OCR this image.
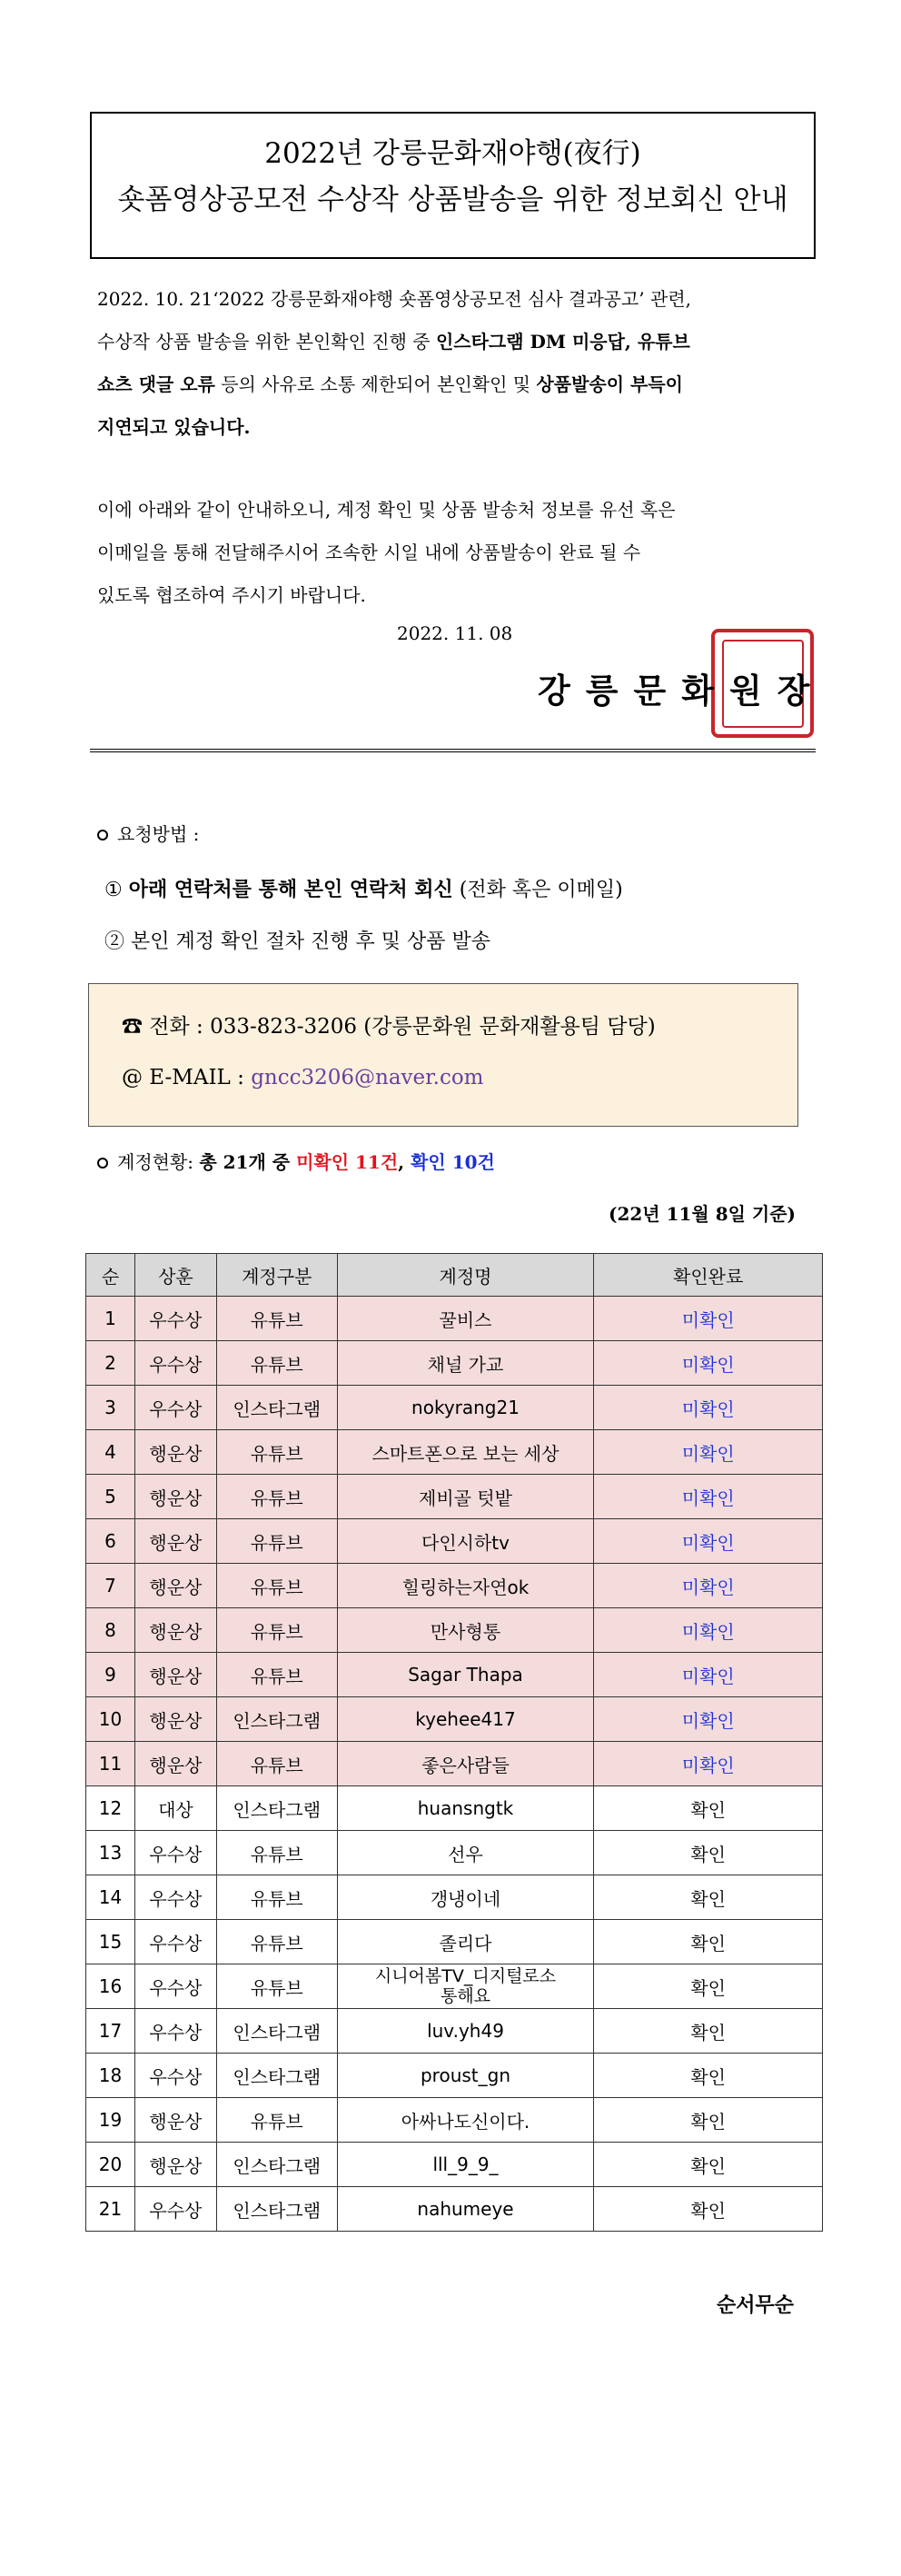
2022년 강릉문화재야행(夜行)
숏폼영상공모전 수상작 상품발송을 위한 정보회신 안내
2022. 10. 21‘2022 강릉문화재야행 숏폼영상공모전 심사 결과공고’ 관련,
수상작 상품 발송을 위한 본인확인 진행 중 인스타그램 DM 미응답, 유튜브
쇼츠 댓글 오류 등의 사유로 소통 제한되어 본인확인 및 상품발송이 부득이
지연되고 있습니다.
이에 아래와 같이 안내하오니, 계정 확인 및 상품 발송처 정보를 유선 혹은
이메일을 통해 전달해주시어 조속한 시일 내에 상품발송이 완료 될 수
있도록 협조하여 주시기 바랍니다.
2022. 11. 08
강릉문화원장
요청방법 :
① 아래 연락처를 통해 본인 연락처 회신 (전화 혹은 이메일)
② 본인 계정 확인 절차 진행 후 및 상품 발송
☎ 전화 : 033-823-3206 (강릉문화원 문화재활용팀 담당)
@ E-MAIL : gncc3206@naver.com
계정현황: 총 21개 중 미확인 11건, 확인 10건
(22년 11월 8일 기준)
순	상훈	계정구분	계정명	확인완료
1	우수상	유튜브	꿀비스	미확인
2	우수상	유튜브	채널 가교	미확인
3	우수상	인스타그램	nokyrang21	미확인
4	행운상	유튜브	스마트폰으로 보는 세상	미확인
5	행운상	유튜브	제비골 텃밭	미확인
6	행운상	유튜브	다인시하tv	미확인
7	행운상	유튜브	힐링하는자연ok	미확인
8	행운상	유튜브	만사형통	미확인
9	행운상	유튜브	Sagar Thapa	미확인
10	행운상	인스타그램	kyehee417	미확인
11	행운상	유튜브	좋은사람들	미확인
12	대상	인스타그램	huansngtk	확인
13	우수상	유튜브	선우	확인
14	우수상	유튜브	갱냉이네	확인
15	우수상	유튜브	졸리다	확인
16	우수상	유튜브	시니어봄TV_디지털로소
통해요	확인
17	우수상	인스타그램	luv.yh49	확인
18	우수상	인스타그램	proust_gn	확인
19	행운상	유튜브	아싸나도신이다.	확인
20	행운상	인스타그램	lll_9_9_	확인
21	우수상	인스타그램	nahumeye	확인
순서무순
